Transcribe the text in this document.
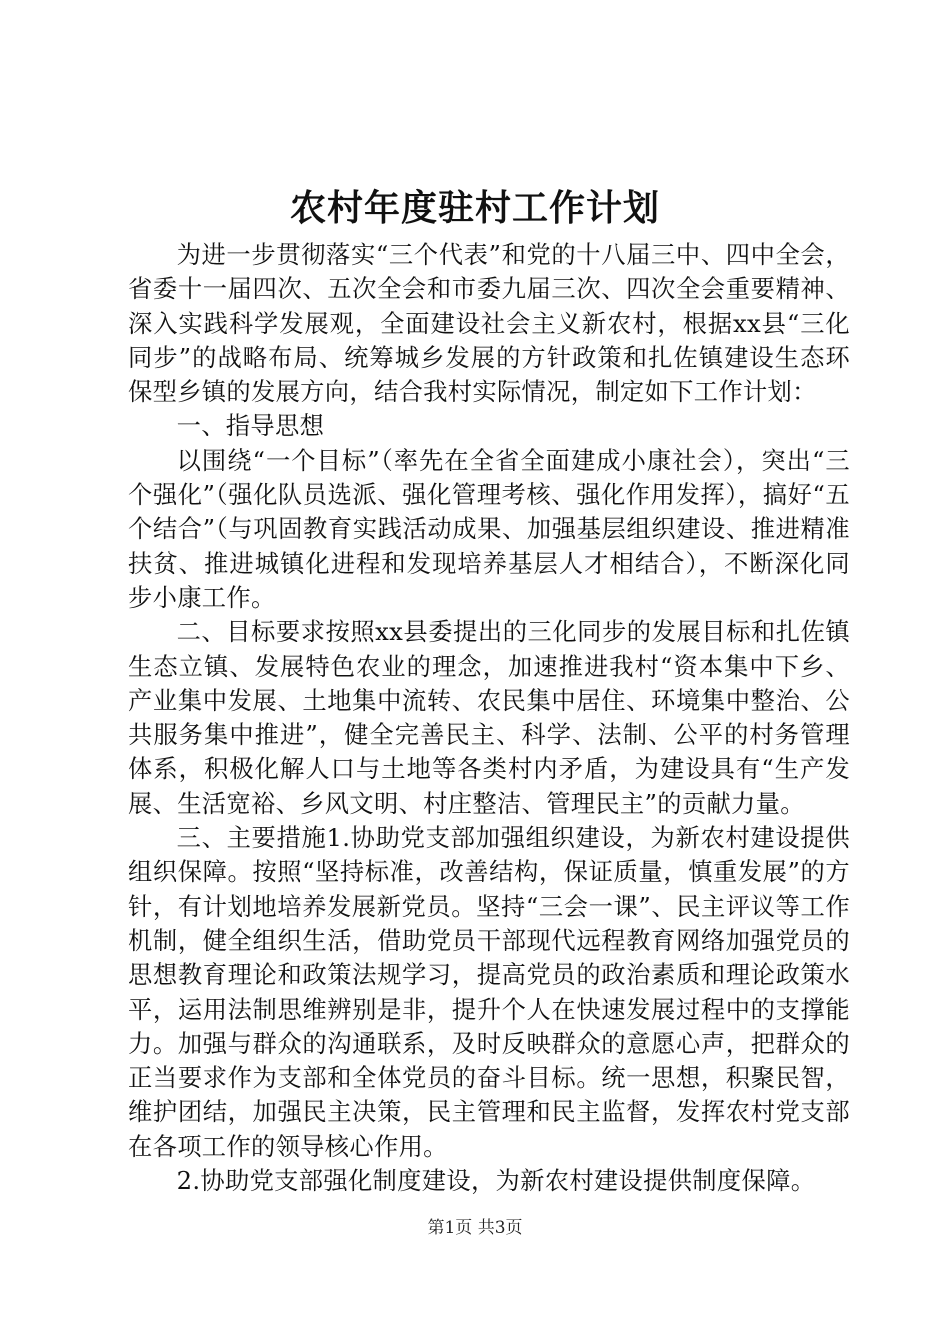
农村年度驻村工作计划

为进一步贯彻落实“三个代表”和党的十八届三中、四中全会，省委十一届四次、五次全会和市委九届三次、四次全会重要精神、深入实践科学发展观，全面建设社会主义新农村，根据xx县“三化同步”的战略布局、统筹城乡发展的方针政策和扎佐镇建设生态环保型乡镇的发展方向，结合我村实际情况，制定如下工作计划：

一、指导思想

以围绕“一个目标”（率先在全省全面建成小康社会），突出“三个强化”（强化队员选派、强化管理考核、强化作用发挥），搞好“五个结合”（与巩固教育实践活动成果、加强基层组织建设、推进精准扶贫、推进城镇化进程和发现培养基层人才相结合），不断深化同步小康工作。

二、目标要求按照xx县委提出的三化同步的发展目标和扎佐镇生态立镇、发展特色农业的理念，加速推进我村“资本集中下乡、产业集中发展、土地集中流转、农民集中居住、环境集中整治、公共服务集中推进”，健全完善民主、科学、法制、公平的村务管理体系，积极化解人口与土地等各类村内矛盾，为建设具有“生产发展、生活宽裕、乡风文明、村庄整洁、管理民主”的贡献力量。

三、主要措施1.协助党支部加强组织建设，为新农村建设提供组织保障。按照“坚持标准，改善结构，保证质量，慎重发展”的方针，有计划地培养发展新党员。坚持“三会一课”、民主评议等工作机制，健全组织生活，借助党员干部现代远程教育网络加强党员的思想教育理论和政策法规学习，提高党员的政治素质和理论政策水平，运用法制思维辨别是非，提升个人在快速发展过程中的支撑能力。加强与群众的沟通联系，及时反映群众的意愿心声，把群众的正当要求作为支部和全体党员的奋斗目标。统一思想，积聚民智，维护团结，加强民主决策，民主管理和民主监督，发挥农村党支部在各项工作的领导核心作用。

2.协助党支部强化制度建设，为新农村建设提供制度保障。

第1页 共3页
